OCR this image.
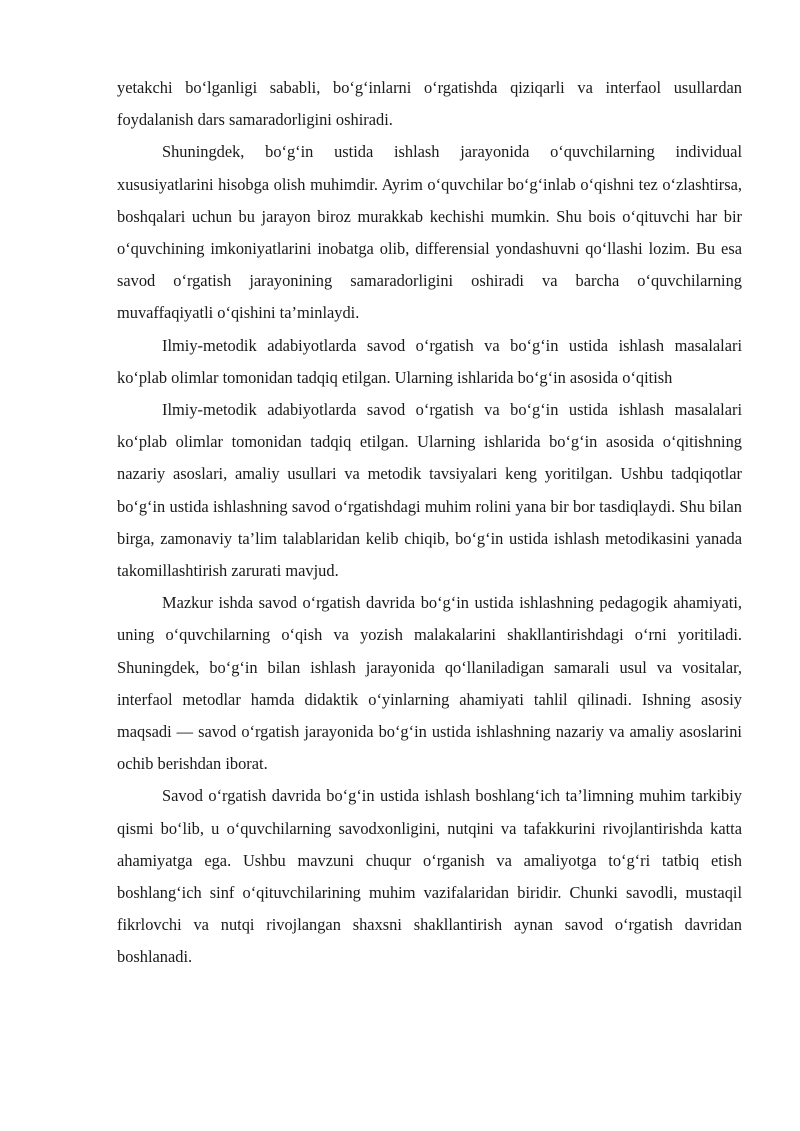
yetakchi bo‘lganligi sababli, bo‘g‘inlarni o‘rgatishda qiziqarli va interfaol usullardan foydalanish dars samaradorligini oshiradi.

Shuningdek, bo‘g‘in ustida ishlash jarayonida o‘quvchilarning individual xususiyatlarini hisobga olish muhimdir. Ayrim o‘quvchilar bo‘g‘inlab o‘qishni tez o‘zlashtirsa, boshqalari uchun bu jarayon biroz murakkab kechishi mumkin. Shu bois o‘qituvchi har bir o‘quvchining imkoniyatlarini inobatga olib, differensial yondashuvni qo‘llashi lozim. Bu esa savod o‘rgatish jarayonining samaradorligini oshiradi va barcha o‘quvchilarning muvaffaqiyatli o‘qishini ta’minlaydi.

Ilmiy-metodik adabiyotlarda savod o‘rgatish va bo‘g‘in ustida ishlash masalalari ko‘plab olimlar tomonidan tadqiq etilgan. Ularning ishlarida bo‘g‘in asosida o‘qitish

Ilmiy-metodik adabiyotlarda savod o‘rgatish va bo‘g‘in ustida ishlash masalalari ko‘plab olimlar tomonidan tadqiq etilgan. Ularning ishlarida bo‘g‘in asosida o‘qitishning nazariy asoslari, amaliy usullari va metodik tavsiyalari keng yoritilgan. Ushbu tadqiqotlar bo‘g‘in ustida ishlashning savod o‘rgatishdagi muhim rolini yana bir bor tasdiqlaydi. Shu bilan birga, zamonaviy ta’lim talablaridan kelib chiqib, bo‘g‘in ustida ishlash metodikasini yanada takomillashtirish zarurati mavjud.

Mazkur ishda savod o‘rgatish davrida bo‘g‘in ustida ishlashning pedagogik ahamiyati, uning o‘quvchilarning o‘qish va yozish malakalarini shakllantirishdagi o‘rni yoritiladi. Shuningdek, bo‘g‘in bilan ishlash jarayonida qo‘llaniladigan samarali usul va vositalar, interfaol metodlar hamda didaktik o‘yinlarning ahamiyati tahlil qilinadi. Ishning asosiy maqsadi — savod o‘rgatish jarayonida bo‘g‘in ustida ishlashning nazariy va amaliy asoslarini ochib berishdan iborat.

Savod o‘rgatish davrida bo‘g‘in ustida ishlash boshlang‘ich ta’limning muhim tarkibiy qismi bo‘lib, u o‘quvchilarning savodxonligini, nutqini va tafakkurini rivojlantirishda katta ahamiyatga ega. Ushbu mavzuni chuqur o‘rganish va amaliyotga to‘g‘ri tatbiq etish boshlang‘ich sinf o‘qituvchilarining muhim vazifalaridan biridir. Chunki savodli, mustaqil fikrlovchi va nutqi rivojlangan shaxsni shakllantirish aynan savod o‘rgatish davridan boshlanadi.
